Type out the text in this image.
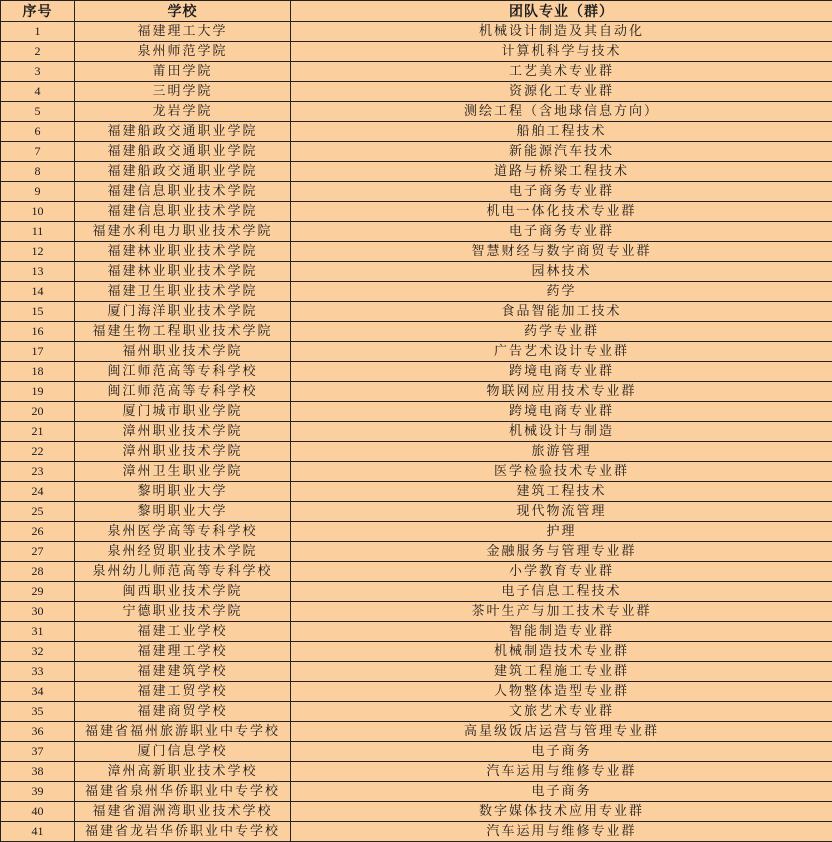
序号	学校	团队专业（群）
1	福建理工大学	机械设计制造及其自动化
2	泉州师范学院	计算机科学与技术
3	莆田学院	工艺美术专业群
4	三明学院	资源化工专业群
5	龙岩学院	测绘工程（含地球信息方向）
6	福建船政交通职业学院	船舶工程技术
7	福建船政交通职业学院	新能源汽车技术
8	福建船政交通职业学院	道路与桥梁工程技术
9	福建信息职业技术学院	电子商务专业群
10	福建信息职业技术学院	机电一体化技术专业群
11	福建水利电力职业技术学院	电子商务专业群
12	福建林业职业技术学院	智慧财经与数字商贸专业群
13	福建林业职业技术学院	园林技术
14	福建卫生职业技术学院	药学
15	厦门海洋职业技术学院	食品智能加工技术
16	福建生物工程职业技术学院	药学专业群
17	福州职业技术学院	广告艺术设计专业群
18	闽江师范高等专科学校	跨境电商专业群
19	闽江师范高等专科学校	物联网应用技术专业群
20	厦门城市职业学院	跨境电商专业群
21	漳州职业技术学院	机械设计与制造
22	漳州职业技术学院	旅游管理
23	漳州卫生职业学院	医学检验技术专业群
24	黎明职业大学	建筑工程技术
25	黎明职业大学	现代物流管理
26	泉州医学高等专科学校	护理
27	泉州经贸职业技术学院	金融服务与管理专业群
28	泉州幼儿师范高等专科学校	小学教育专业群
29	闽西职业技术学院	电子信息工程技术
30	宁德职业技术学院	茶叶生产与加工技术专业群
31	福建工业学校	智能制造专业群
32	福建理工学校	机械制造技术专业群
33	福建建筑学校	建筑工程施工专业群
34	福建工贸学校	人物整体造型专业群
35	福建商贸学校	文旅艺术专业群
36	福建省福州旅游职业中专学校	高星级饭店运营与管理专业群
37	厦门信息学校	电子商务
38	漳州高新职业技术学校	汽车运用与维修专业群
39	福建省泉州华侨职业中专学校	电子商务
40	福建省湄洲湾职业技术学校	数字媒体技术应用专业群
41	福建省龙岩华侨职业中专学校	汽车运用与维修专业群
